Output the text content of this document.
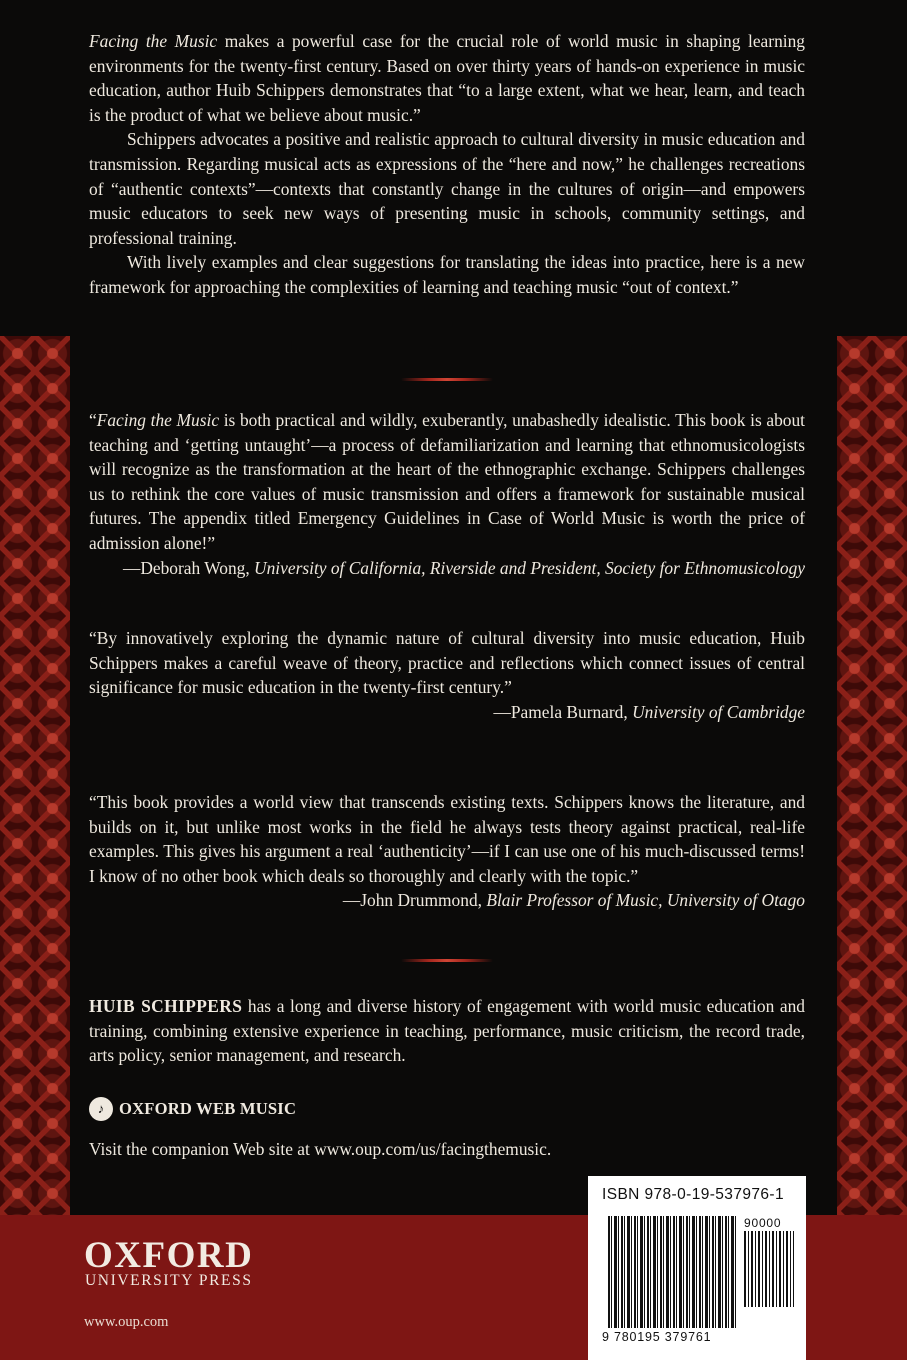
Facing the Music makes a powerful case for the crucial role of world music in shaping learning environments for the twenty-first century. Based on over thirty years of hands-on experience in music education, author Huib Schippers demonstrates that “to a large extent, what we hear, learn, and teach is the product of what we believe about music.”

Schippers advocates a positive and realistic approach to cultural diversity in music education and transmission. Regarding musical acts as expressions of the “here and now,” he challenges recreations of “authentic contexts”—contexts that constantly change in the cultures of origin—and empowers music educators to seek new ways of presenting music in schools, community settings, and professional training.

With lively examples and clear suggestions for translating the ideas into practice, here is a new framework for approaching the complexities of learning and teaching music “out of context.”

“Facing the Music is both practical and wildly, exuberantly, unabashedly idealistic. This book is about teaching and ‘getting untaught’—a process of defamiliarization and learning that ethnomusicologists will recognize as the transformation at the heart of the ethnographic exchange. Schippers challenges us to rethink the core values of music transmission and offers a framework for sustainable musical futures. The appendix titled Emergency Guidelines in Case of World Music is worth the price of admission alone!”

—Deborah Wong, University of California, Riverside and President, Society for Ethnomusicology

“By innovatively exploring the dynamic nature of cultural diversity into music education, Huib Schippers makes a careful weave of theory, practice and reflections which connect issues of central significance for music education in the twenty-first century.”

—Pamela Burnard, University of Cambridge

“This book provides a world view that transcends existing texts. Schippers knows the literature, and builds on it, but unlike most works in the field he always tests theory against practical, real-life examples. This gives his argument a real ‘authenticity’—if I can use one of his much-discussed terms! I know of no other book which deals so thoroughly and clearly with the topic.”

—John Drummond, Blair Professor of Music, University of Otago

HUIB SCHIPPERS has a long and diverse history of engagement with world music education and training, combining extensive experience in teaching, performance, music criticism, the record trade, arts policy, senior management, and research.

♪ OXFORD WEB MUSIC

Visit the companion Web site at www.oup.com/us/facingthemusic.

OXFORD
UNIVERSITY PRESS
www.oup.com
ISBN 978-0-19-537976-1
90000
9 780195 379761
